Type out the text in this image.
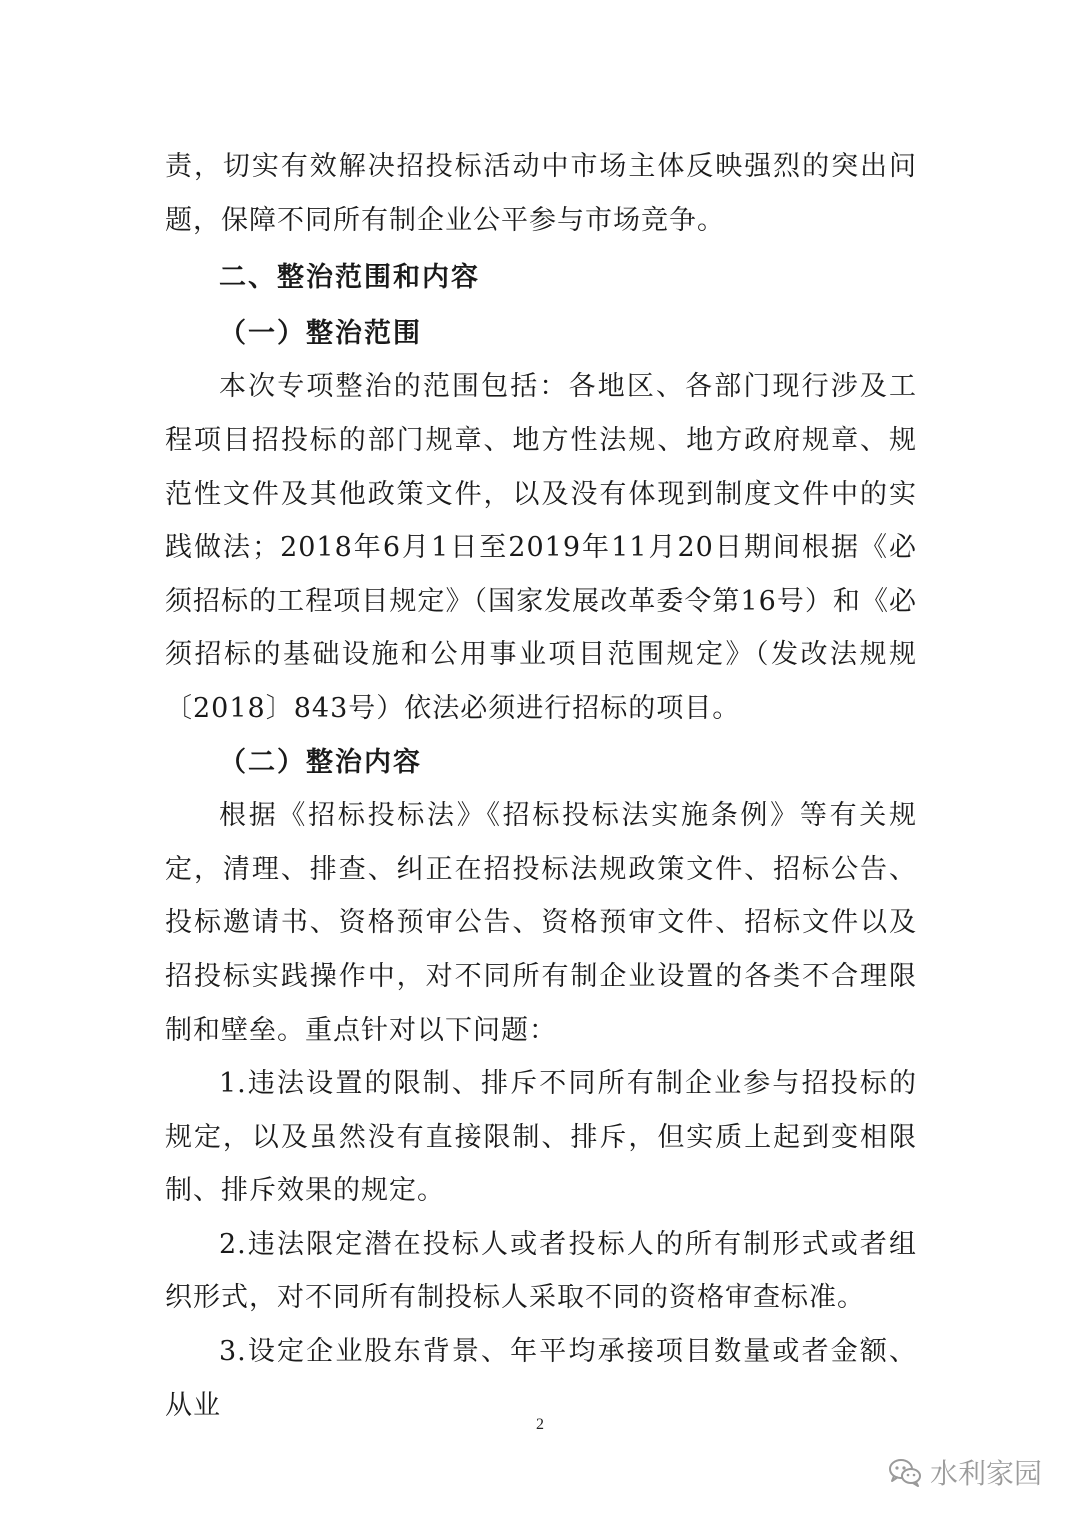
责，切实有效解决招投标活动中市场主体反映强烈的突出问题，保障不同所有制企业公平参与市场竞争。

二、整治范围和内容

（一）整治范围

本次专项整治的范围包括：各地区、各部门现行涉及工程项目招投标的部门规章、地方性法规、地方政府规章、规范性文件及其他政策文件，以及没有体现到制度文件中的实践做法；2018年6月1日至2019年11月20日期间根据《必须招标的工程项目规定》（国家发展改革委令第16号）和《必须招标的基础设施和公用事业项目范围规定》（发改法规规〔2018〕843号）依法必须进行招标的项目。

（二）整治内容

根据《招标投标法》《招标投标法实施条例》等有关规定，清理、排查、纠正在招投标法规政策文件、招标公告、投标邀请书、资格预审公告、资格预审文件、招标文件以及招投标实践操作中，对不同所有制企业设置的各类不合理限制和壁垒。重点针对以下问题：

1.违法设置的限制、排斥不同所有制企业参与招投标的规定，以及虽然没有直接限制、排斥，但实质上起到变相限制、排斥效果的规定。

2.违法限定潜在投标人或者投标人的所有制形式或者组织形式，对不同所有制投标人采取不同的资格审查标准。

3.设定企业股东背景、年平均承接项目数量或者金额、从业

2
水利家园
